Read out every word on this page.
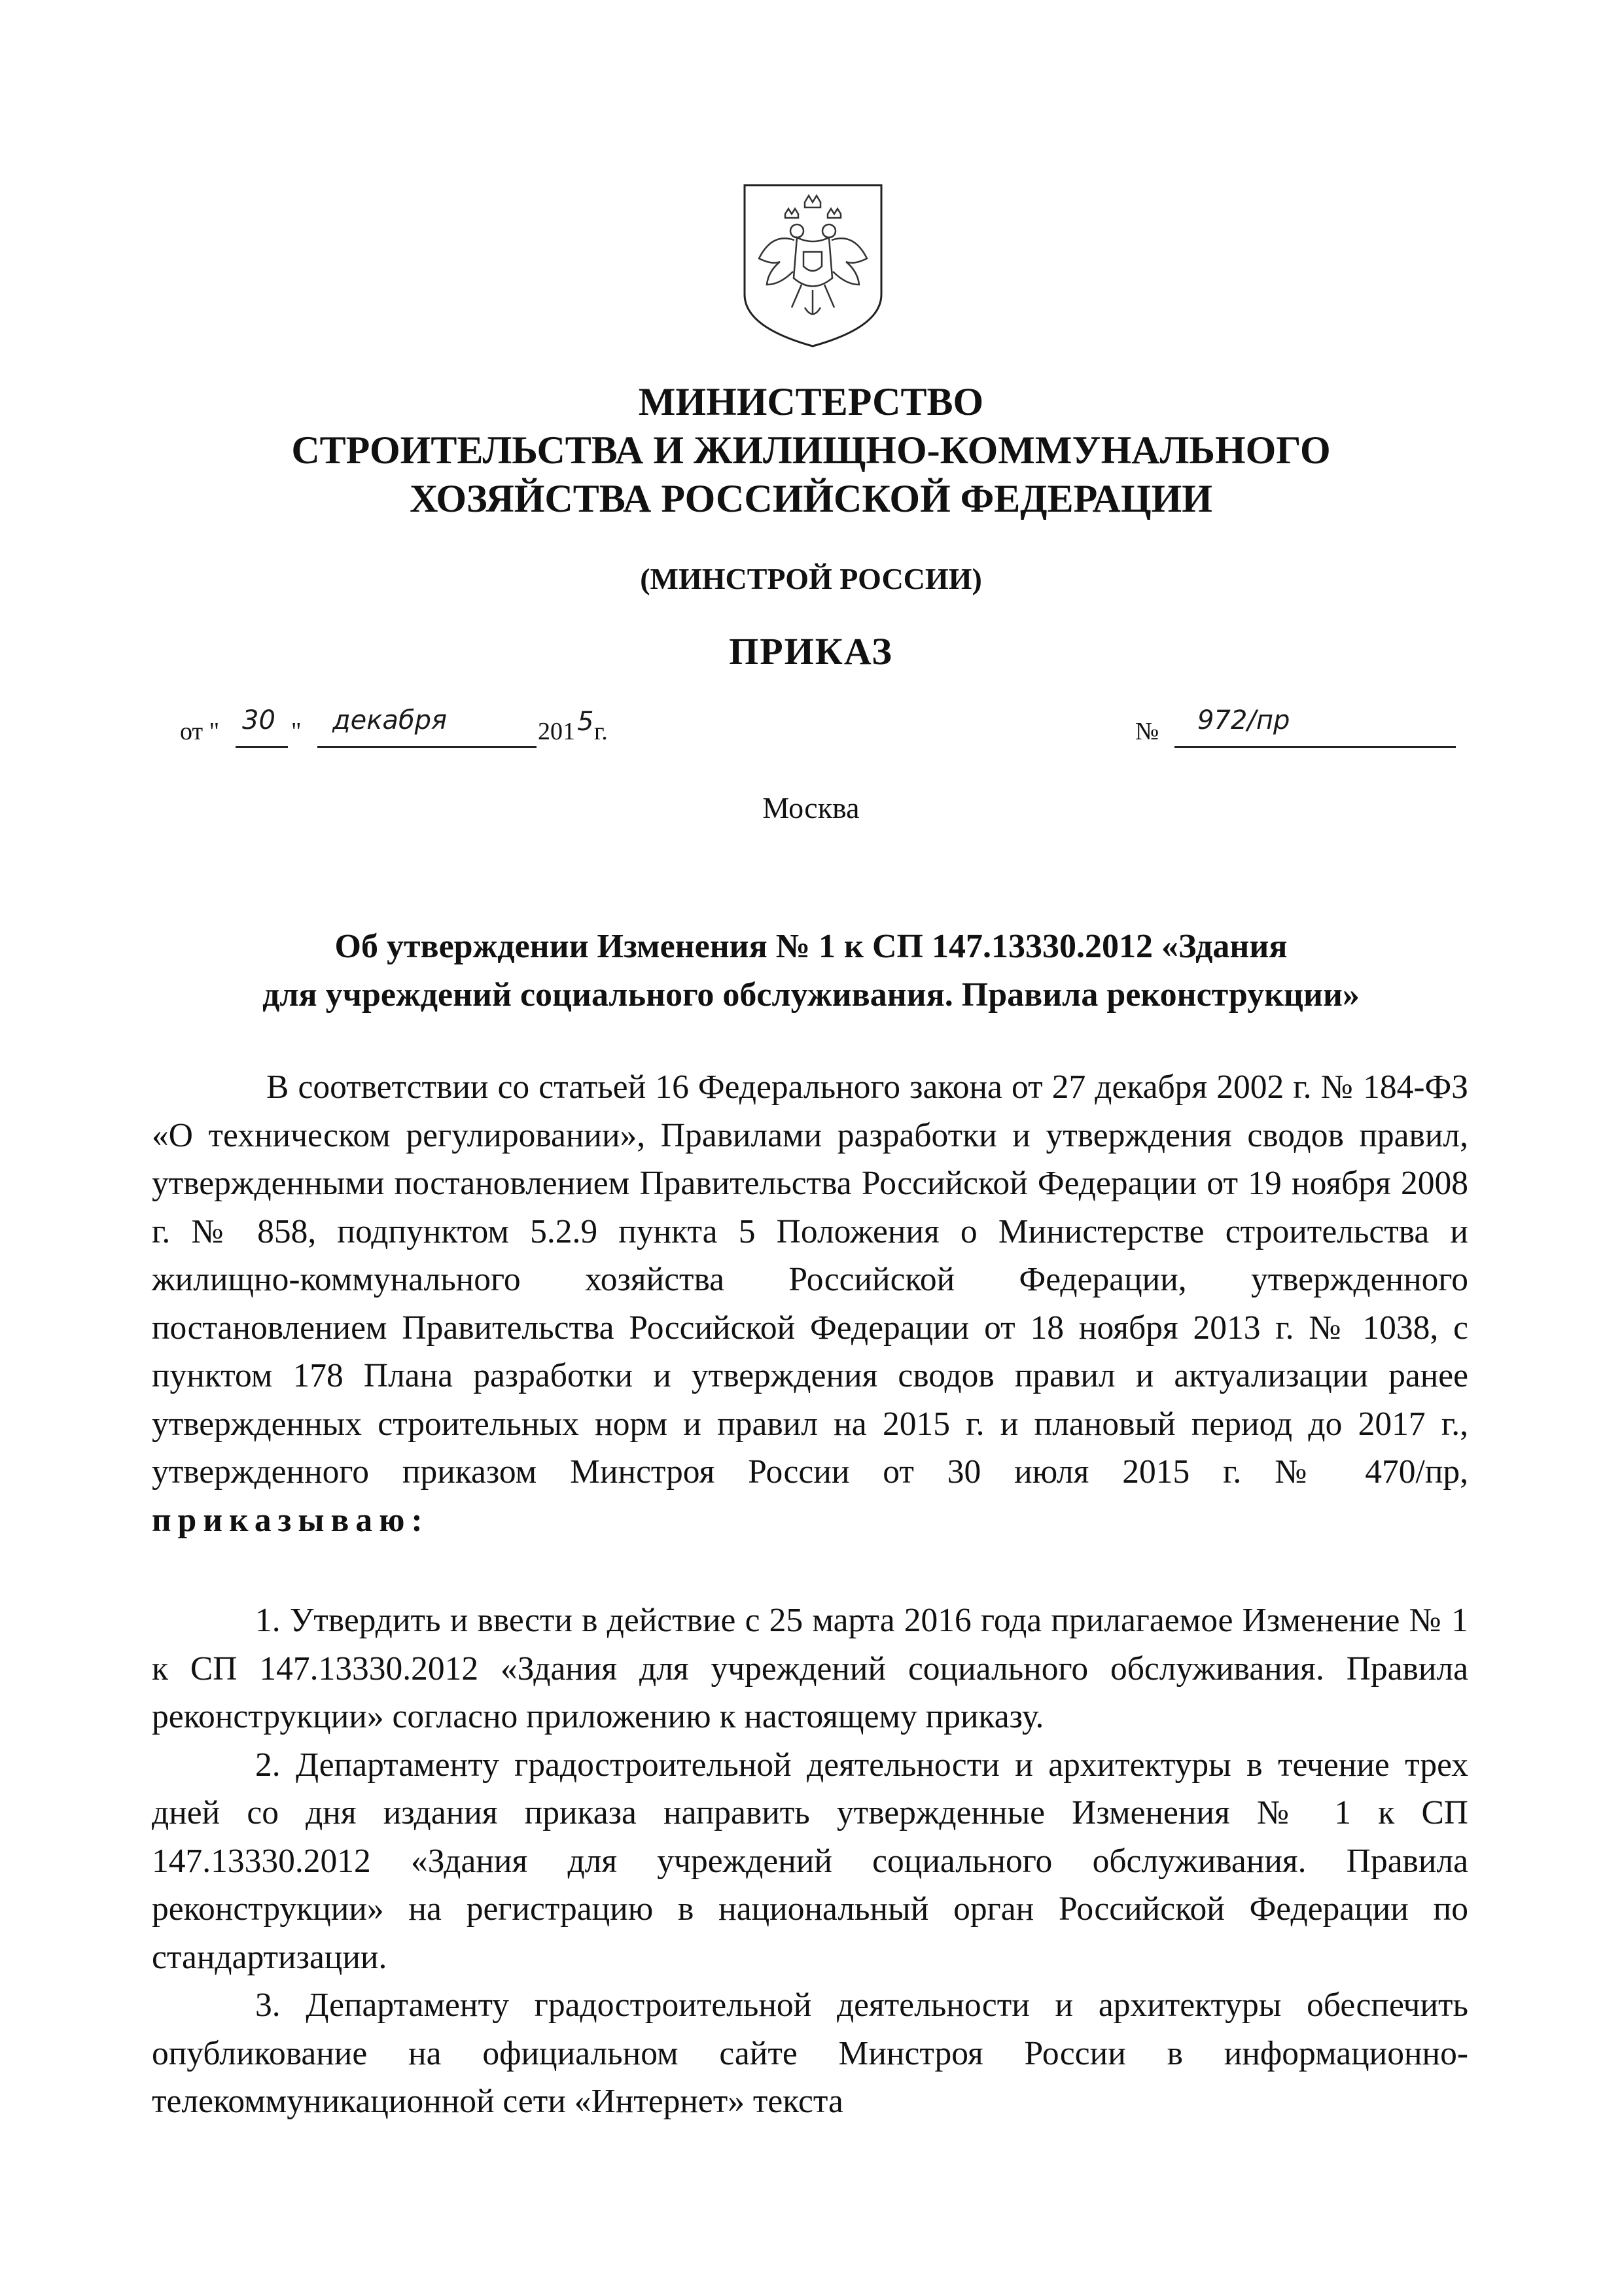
МИНИСТЕРСТВО
СТРОИТЕЛЬСТВА И ЖИЛИЩНО-КОММУНАЛЬНОГО
ХОЗЯЙСТВА РОССИЙСКОЙ ФЕДЕРАЦИИ
(МИНСТРОЙ РОССИИ)
ПРИКАЗ
от " 30 " декабря	201 5 г.	№ 972/пр
Москва
Об утверждении Изменения № 1 к СП 147.13330.2012 «Здания
для учреждений социального обслуживания. Правила реконструкции»

В соответствии со статьей 16 Федерального закона от 27 декабря 2002 г. № 184-ФЗ «О техническом регулировании», Правилами разработки и утверждения сводов правил, утвержденными постановлением Правительства Российской Федерации от 19 ноября 2008 г. № 858, подпунктом 5.2.9 пункта 5 Положения о Министерстве строительства и жилищно-коммунального хозяйства Российской Федерации, утвержденного постановлением Правительства Российской Федерации от 18 ноября 2013 г. № 1038, с пунктом 178 Плана разработки и утверждения сводов правил и актуализации ранее утвержденных строительных норм и правил на 2015 г. и плановый период до 2017 г., утвержденного приказом Минстроя России от 30 июля 2015 г. № 470/пр, приказываю:

1. Утвердить и ввести в действие с 25 марта 2016 года прилагаемое Изменение № 1 к СП 147.13330.2012 «Здания для учреждений социального обслуживания. Правила реконструкции» согласно приложению к настоящему приказу.

2. Департаменту градостроительной деятельности и архитектуры в течение трех дней со дня издания приказа направить утвержденные Изменения № 1 к СП 147.13330.2012 «Здания для учреждений социального обслуживания. Правила реконструкции» на регистрацию в национальный орган Российской Федерации по стандартизации.

3. Департаменту градостроительной деятельности и архитектуры обеспечить опубликование на официальном сайте Минстроя России в информационно-телекоммуникационной сети «Интернет» текста
